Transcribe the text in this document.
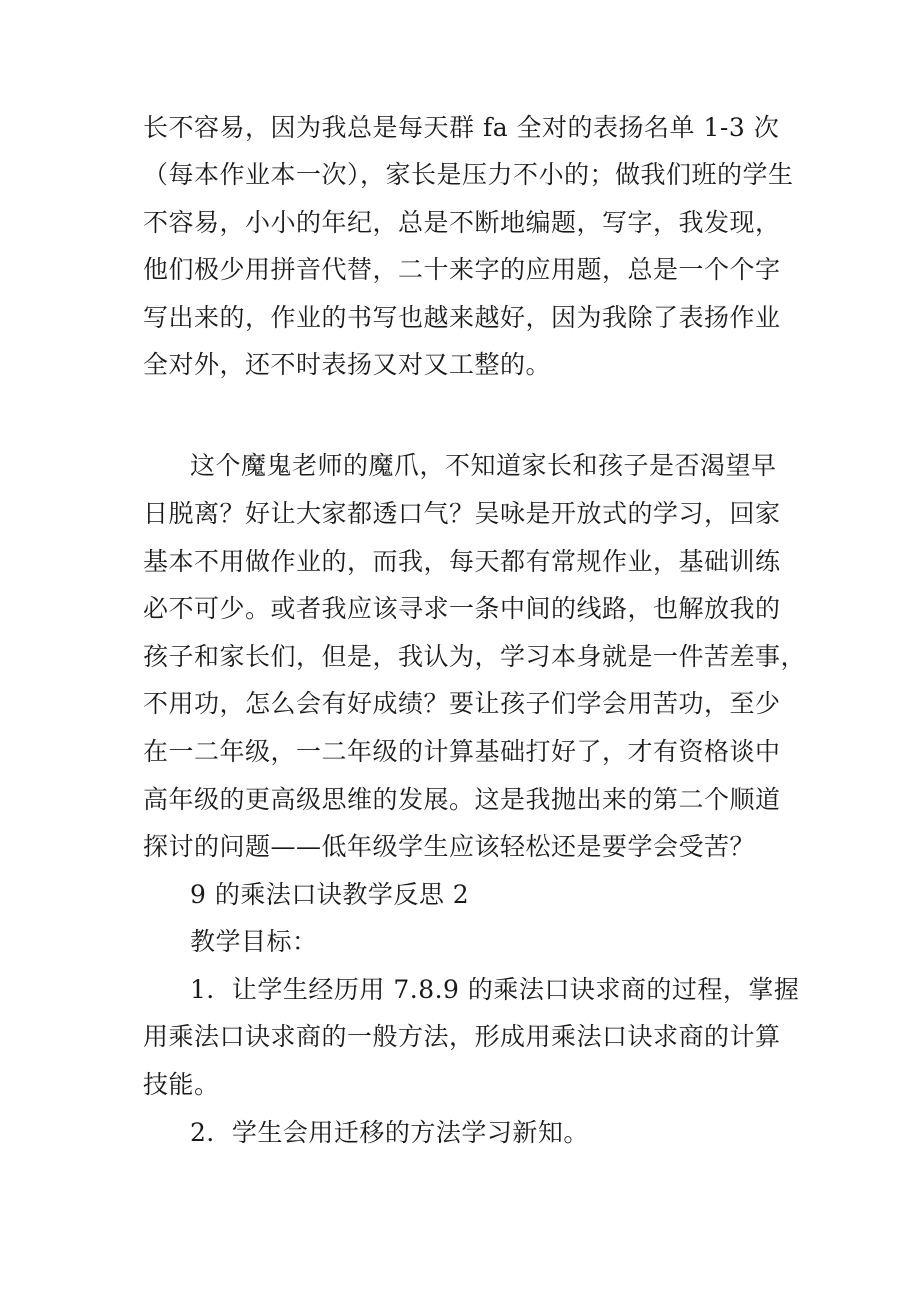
长不容易，因为我总是每天群 fa 全对的表扬名单 1-3 次
（每本作业本一次），家长是压力不小的；做我们班的学生
不容易，小小的年纪，总是不断地编题，写字，我发现，
他们极少用拼音代替，二十来字的应用题，总是一个个字
写出来的，作业的书写也越来越好，因为我除了表扬作业
全对外，还不时表扬又对又工整的。
这个魔鬼老师的魔爪，不知道家长和孩子是否渴望早
日脱离？好让大家都透口气？吴咏是开放式的学习，回家
基本不用做作业的，而我，每天都有常规作业，基础训练
必不可少。或者我应该寻求一条中间的线路，也解放我的
孩子和家长们，但是，我认为，学习本身就是一件苦差事，
不用功，怎么会有好成绩？要让孩子们学会用苦功，至少
在一二年级，一二年级的计算基础打好了，才有资格谈中
高年级的更高级思维的发展。这是我抛出来的第二个顺道
探讨的问题——低年级学生应该轻松还是要学会受苦？
9 的乘法口诀教学反思 2
教学目标：
1．让学生经历用 7.8.9 的乘法口诀求商的过程，掌握
用乘法口诀求商的一般方法，形成用乘法口诀求商的计算
技能。
2．学生会用迁移的方法学习新知。
